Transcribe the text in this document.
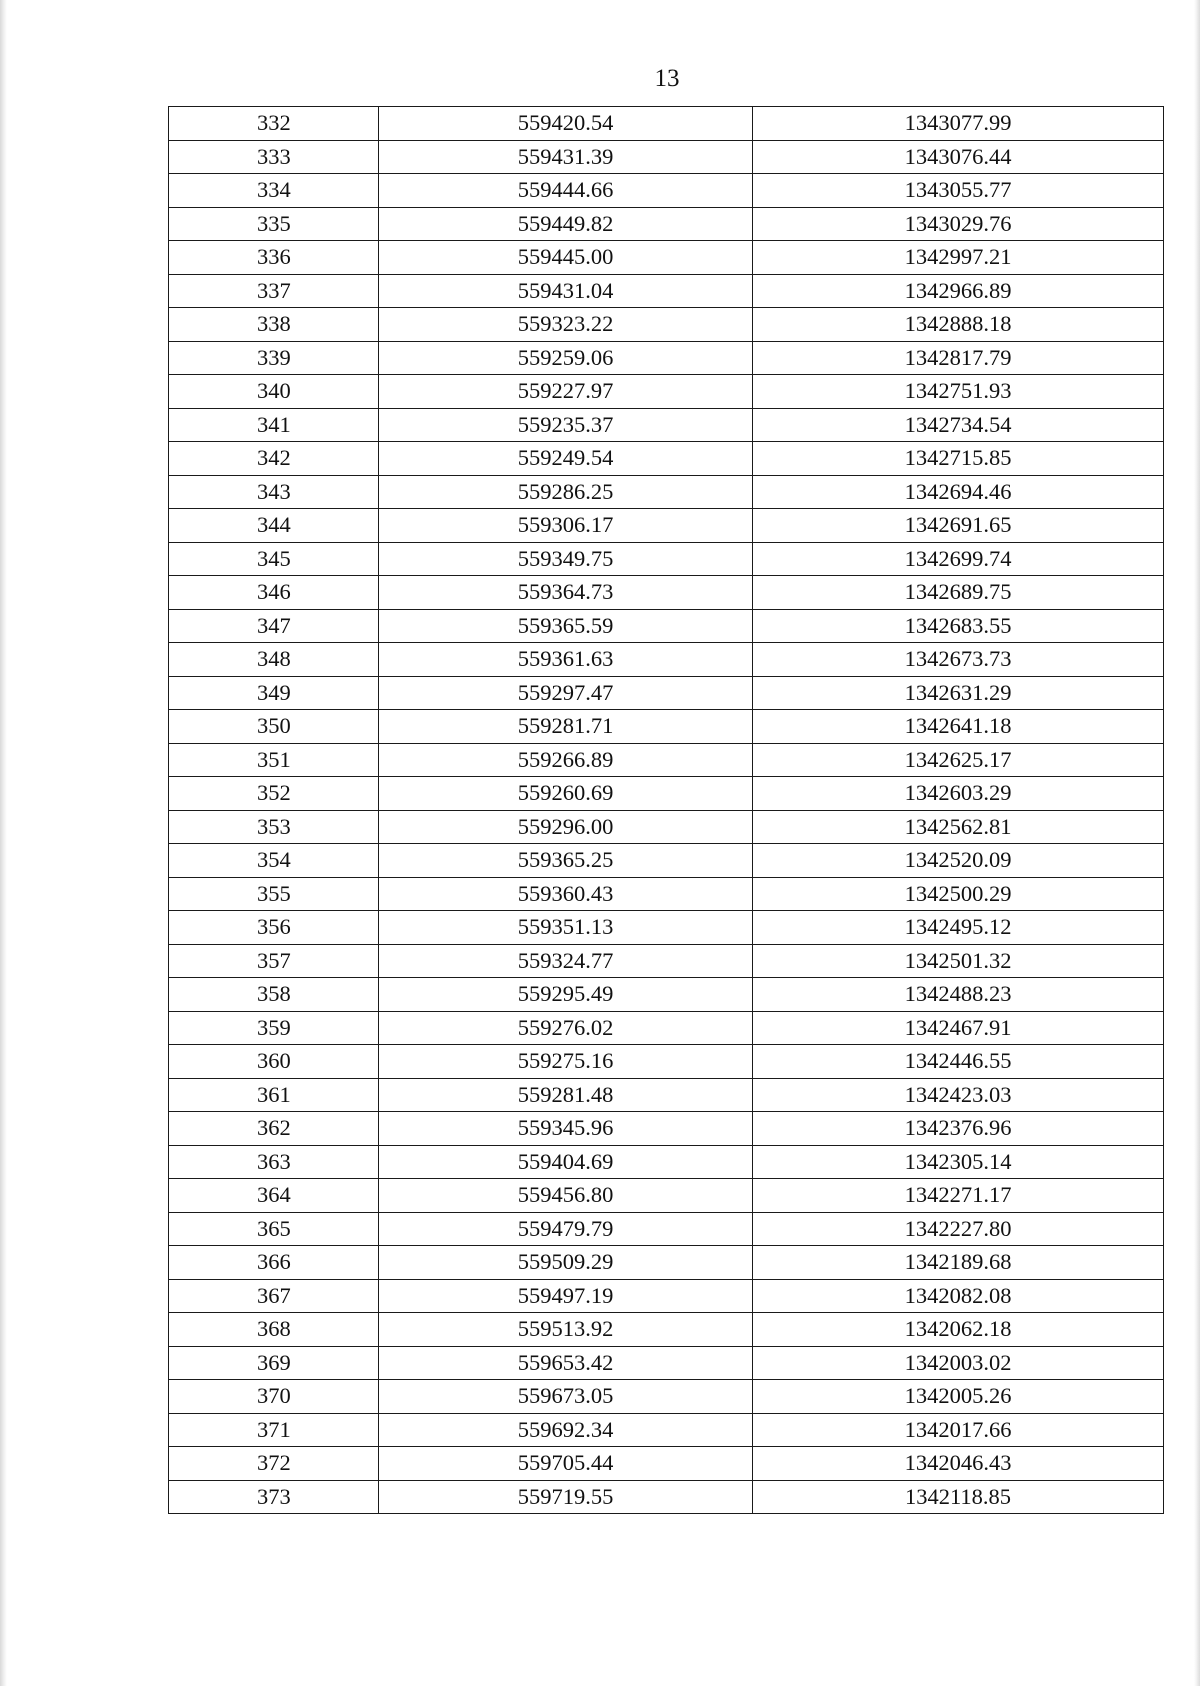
13
332	559420.54	1343077.99
333	559431.39	1343076.44
334	559444.66	1343055.77
335	559449.82	1343029.76
336	559445.00	1342997.21
337	559431.04	1342966.89
338	559323.22	1342888.18
339	559259.06	1342817.79
340	559227.97	1342751.93
341	559235.37	1342734.54
342	559249.54	1342715.85
343	559286.25	1342694.46
344	559306.17	1342691.65
345	559349.75	1342699.74
346	559364.73	1342689.75
347	559365.59	1342683.55
348	559361.63	1342673.73
349	559297.47	1342631.29
350	559281.71	1342641.18
351	559266.89	1342625.17
352	559260.69	1342603.29
353	559296.00	1342562.81
354	559365.25	1342520.09
355	559360.43	1342500.29
356	559351.13	1342495.12
357	559324.77	1342501.32
358	559295.49	1342488.23
359	559276.02	1342467.91
360	559275.16	1342446.55
361	559281.48	1342423.03
362	559345.96	1342376.96
363	559404.69	1342305.14
364	559456.80	1342271.17
365	559479.79	1342227.80
366	559509.29	1342189.68
367	559497.19	1342082.08
368	559513.92	1342062.18
369	559653.42	1342003.02
370	559673.05	1342005.26
371	559692.34	1342017.66
372	559705.44	1342046.43
373	559719.55	1342118.85
